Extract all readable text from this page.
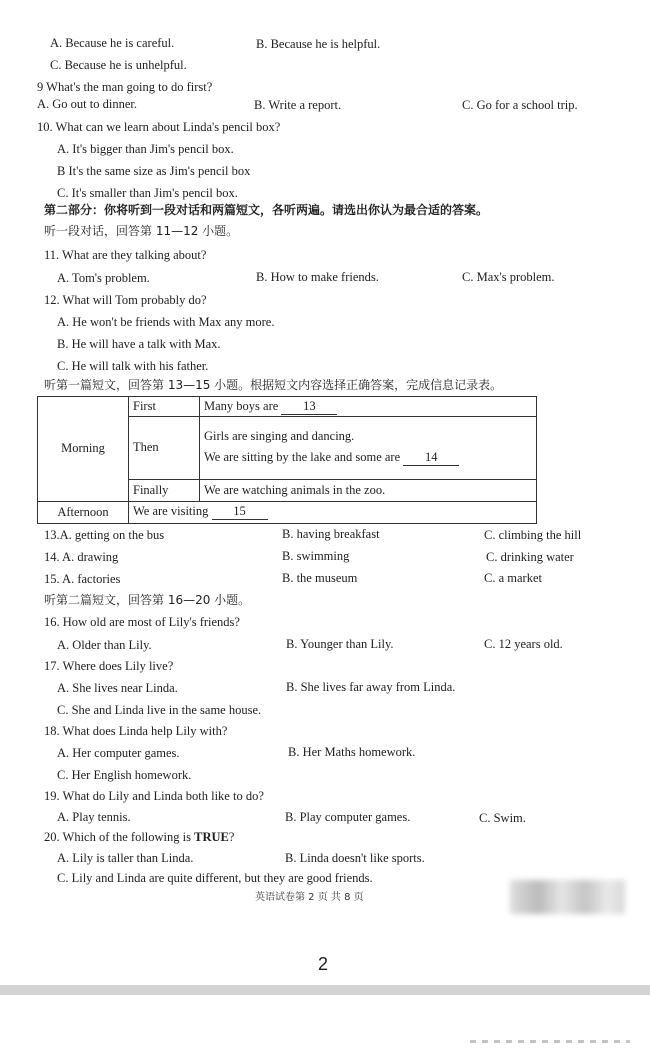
A. Because he is careful.	B. Because he is helpful.
C. Because he is unhelpful.
9 What's the man going to do first?
A. Go out to dinner.	B. Write a report.	C. Go for a school trip.
10. What can we learn about Linda's pencil box?
A. It's bigger than Jim's pencil box.
B It's the same size as Jim's pencil box
C. It's smaller than Jim's pencil box.
第二部分：你将听到一段对话和两篇短文，各听两遍。请选出你认为最合适的答案。
听一段对话，回答第 11—12 小题。
11. What are they talking about?
A. Tom's problem.	B. How to make friends.	C. Max's problem.
12. What will Tom probably do?
A. He won't be friends with Max any more.
B. He will have a talk with Max.
C. He will talk with his father.
听第一篇短文，回答第 13—15 小题。根据短文内容选择正确答案，完成信息记录表。
Morning	First	Many boys are 13
	Then	Girls are singing and dancing.
We are sitting by the lake and some are 14

	Finally	We are watching animals in the zoo.
Afternoon	We are visiting 15	
13.A. getting on the bus	B. having breakfast	C. climbing the hill
14. A. drawing	B. swimming	C. drinking water
15. A. factories	B. the museum	C. a market
听第二篇短文，回答第 16—20 小题。
16. How old are most of Lily's friends?
A. Older than Lily.	B. Younger than Lily.	C. 12 years old.
17. Where does Lily live?
A. She lives near Linda.	B. She lives far away from Linda.
C. She and Linda live in the same house.
18. What does Linda help Lily with?
A. Her computer games.	B. Her Maths homework.
C. Her English homework.
19. What do Lily and Linda both like to do?
A. Play tennis.	B. Play computer games.	C. Swim.
20. Which of the following is TRUE?
A. Lily is taller than Linda.	B. Linda doesn't like sports.
C. Lily and Linda are quite different, but they are good friends.
英语试卷第 2 页 共 8 页
2
